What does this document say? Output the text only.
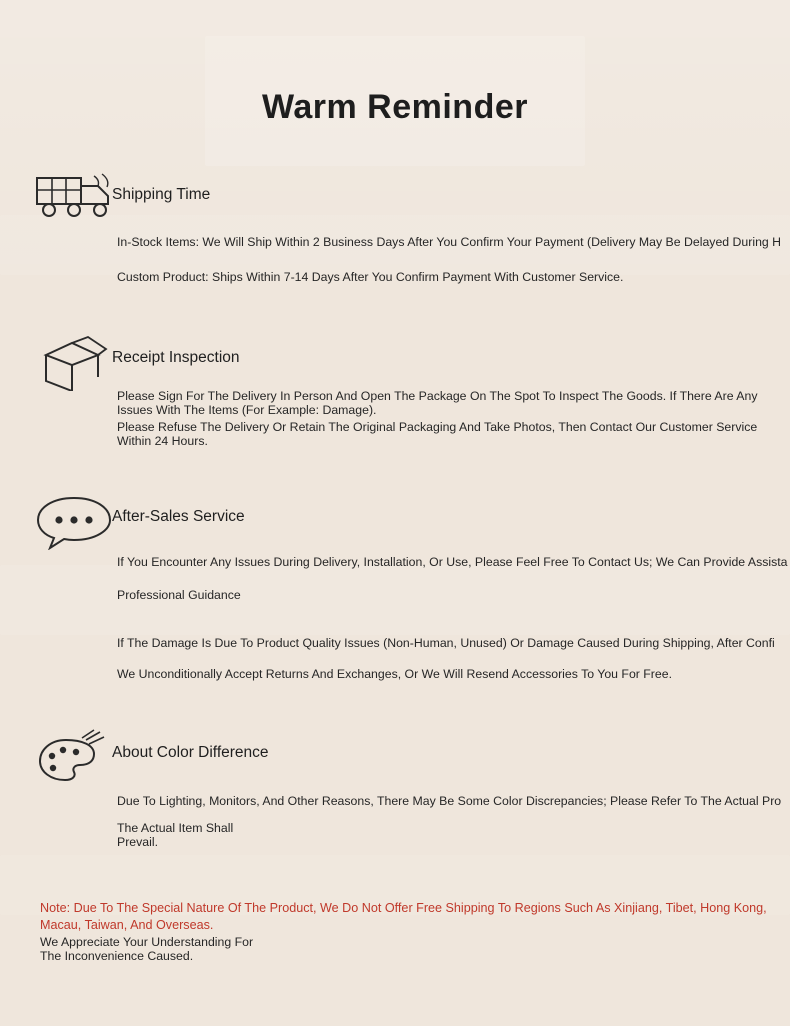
Warm Reminder
Shipping Time
In-Stock Items: We Will Ship Within 2 Business Days After You Confirm Your Payment (Delivery May Be Delayed During H
Custom Product: Ships Within 7-14 Days After You Confirm Payment With Customer Service.
Receipt Inspection
Please Sign For The Delivery In Person And Open The Package On The Spot To Inspect The Goods. If There Are Any Issues With The Items (For Example: Damage).
Please Refuse The Delivery Or Retain The Original Packaging And Take Photos, Then Contact Our Customer Service Within 24 Hours.
After-Sales Service
If You Encounter Any Issues During Delivery, Installation, Or Use, Please Feel Free To Contact Us; We Can Provide Assista
Professional Guidance
If The Damage Is Due To Product Quality Issues (Non-Human, Unused) Or Damage Caused During Shipping, After Confi
We Unconditionally Accept Returns And Exchanges, Or We Will Resend Accessories To You For Free.
About Color Difference
Due To Lighting, Monitors, And Other Reasons, There May Be Some Color Discrepancies; Please Refer To The Actual Pro
The Actual Item Shall Prevail.
Note: Due To The Special Nature Of The Product, We Do Not Offer Free Shipping To Regions Such As Xinjiang, Tibet, Hong Kong, Macau, Taiwan, And Overseas.
We Appreciate Your Understanding For
The Inconvenience Caused.
